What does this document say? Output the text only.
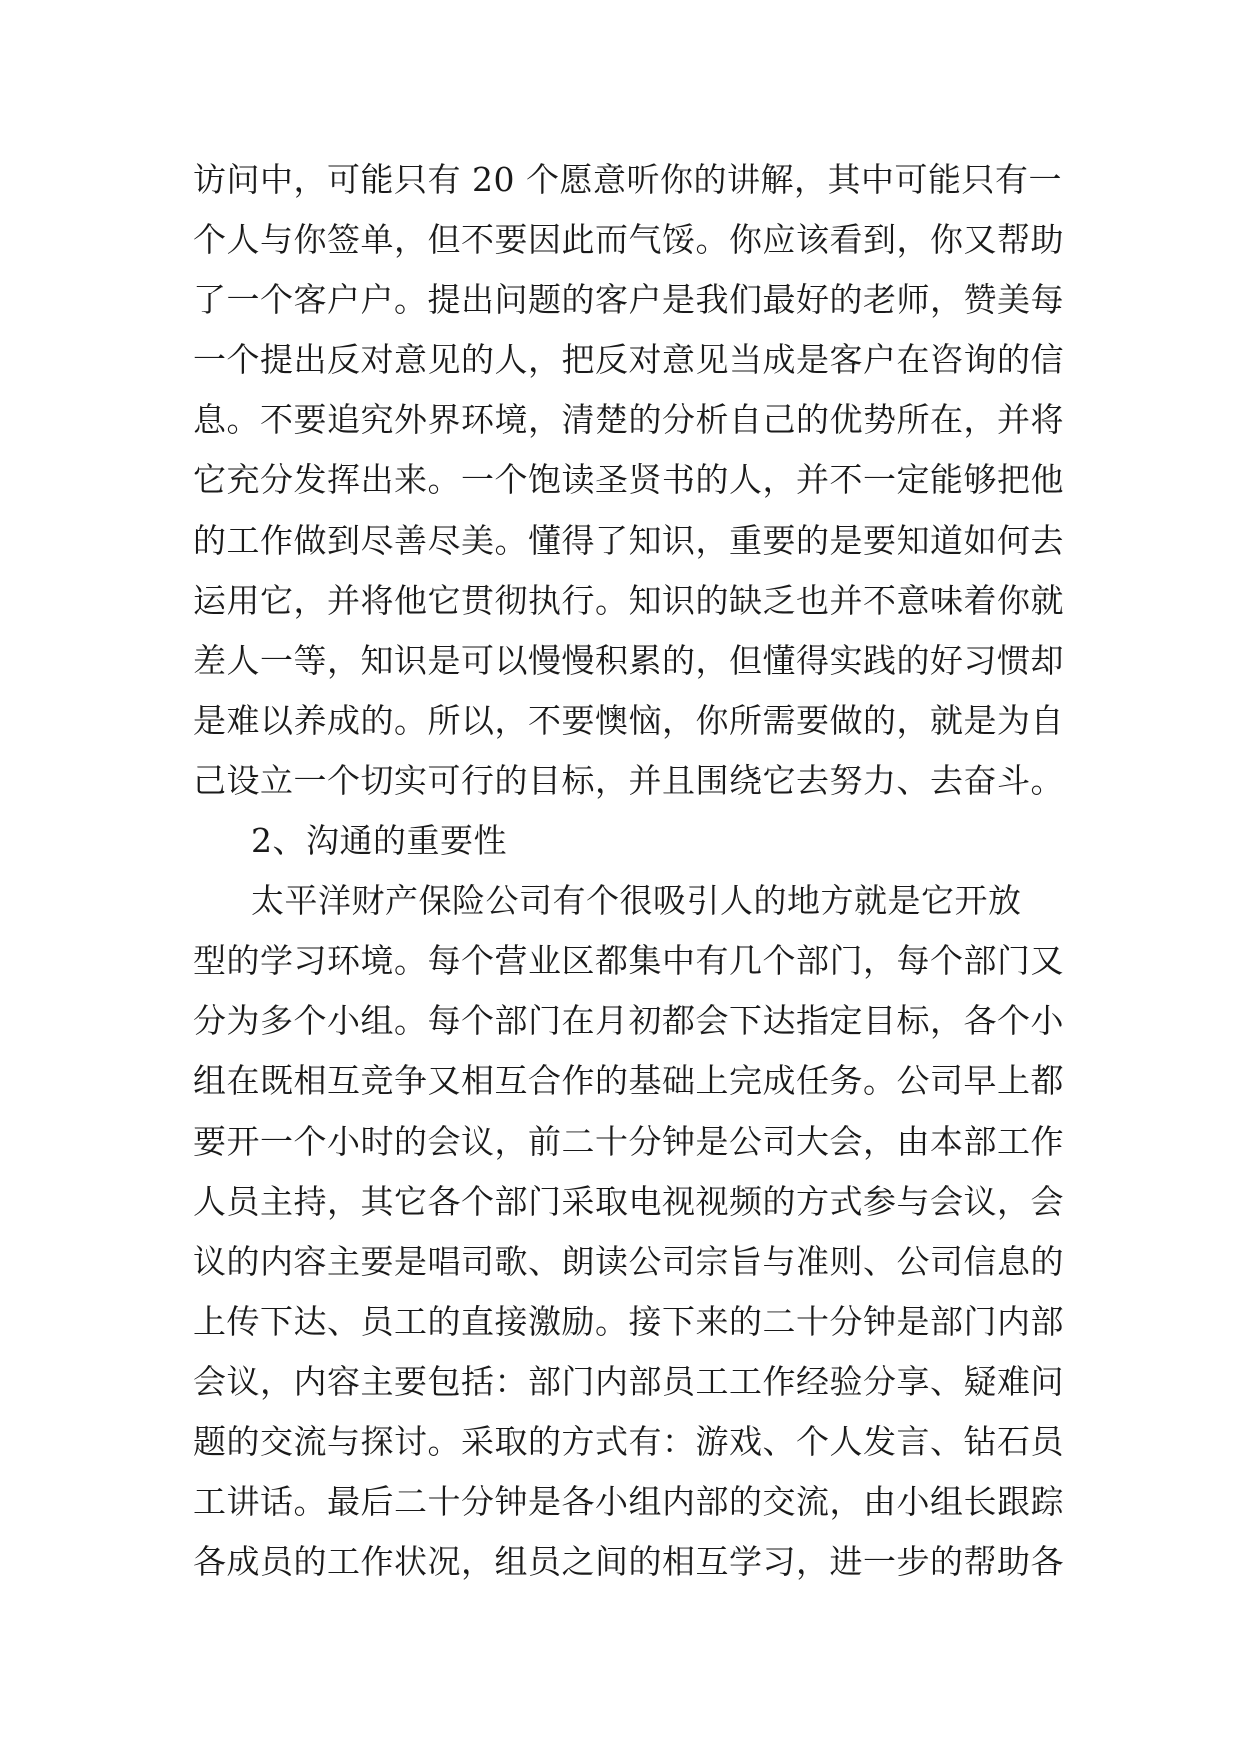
访问中，可能只有 20 个愿意听你的讲解，其中可能只有一
个人与你签单，但不要因此而气馁。你应该看到，你又帮助
了一个客户户。提出问题的客户是我们最好的老师，赞美每
一个提出反对意见的人，把反对意见当成是客户在咨询的信
息。不要追究外界环境，清楚的分析自己的优势所在，并将
它充分发挥出来。一个饱读圣贤书的人，并不一定能够把他
的工作做到尽善尽美。懂得了知识，重要的是要知道如何去
运用它，并将他它贯彻执行。知识的缺乏也并不意味着你就
差人一等，知识是可以慢慢积累的，但懂得实践的好习惯却
是难以养成的。所以，不要懊恼，你所需要做的，就是为自
己设立一个切实可行的目标，并且围绕它去努力、去奋斗。
2、沟通的重要性
太平洋财产保险公司有个很吸引人的地方就是它开放
型的学习环境。每个营业区都集中有几个部门，每个部门又
分为多个小组。每个部门在月初都会下达指定目标，各个小
组在既相互竞争又相互合作的基础上完成任务。公司早上都
要开一个小时的会议，前二十分钟是公司大会，由本部工作
人员主持，其它各个部门采取电视视频的方式参与会议，会
议的内容主要是唱司歌、朗读公司宗旨与准则、公司信息的
上传下达、员工的直接激励。接下来的二十分钟是部门内部
会议，内容主要包括：部门内部员工工作经验分享、疑难问
题的交流与探讨。采取的方式有：游戏、个人发言、钻石员
工讲话。最后二十分钟是各小组内部的交流，由小组长跟踪
各成员的工作状况，组员之间的相互学习，进一步的帮助各
